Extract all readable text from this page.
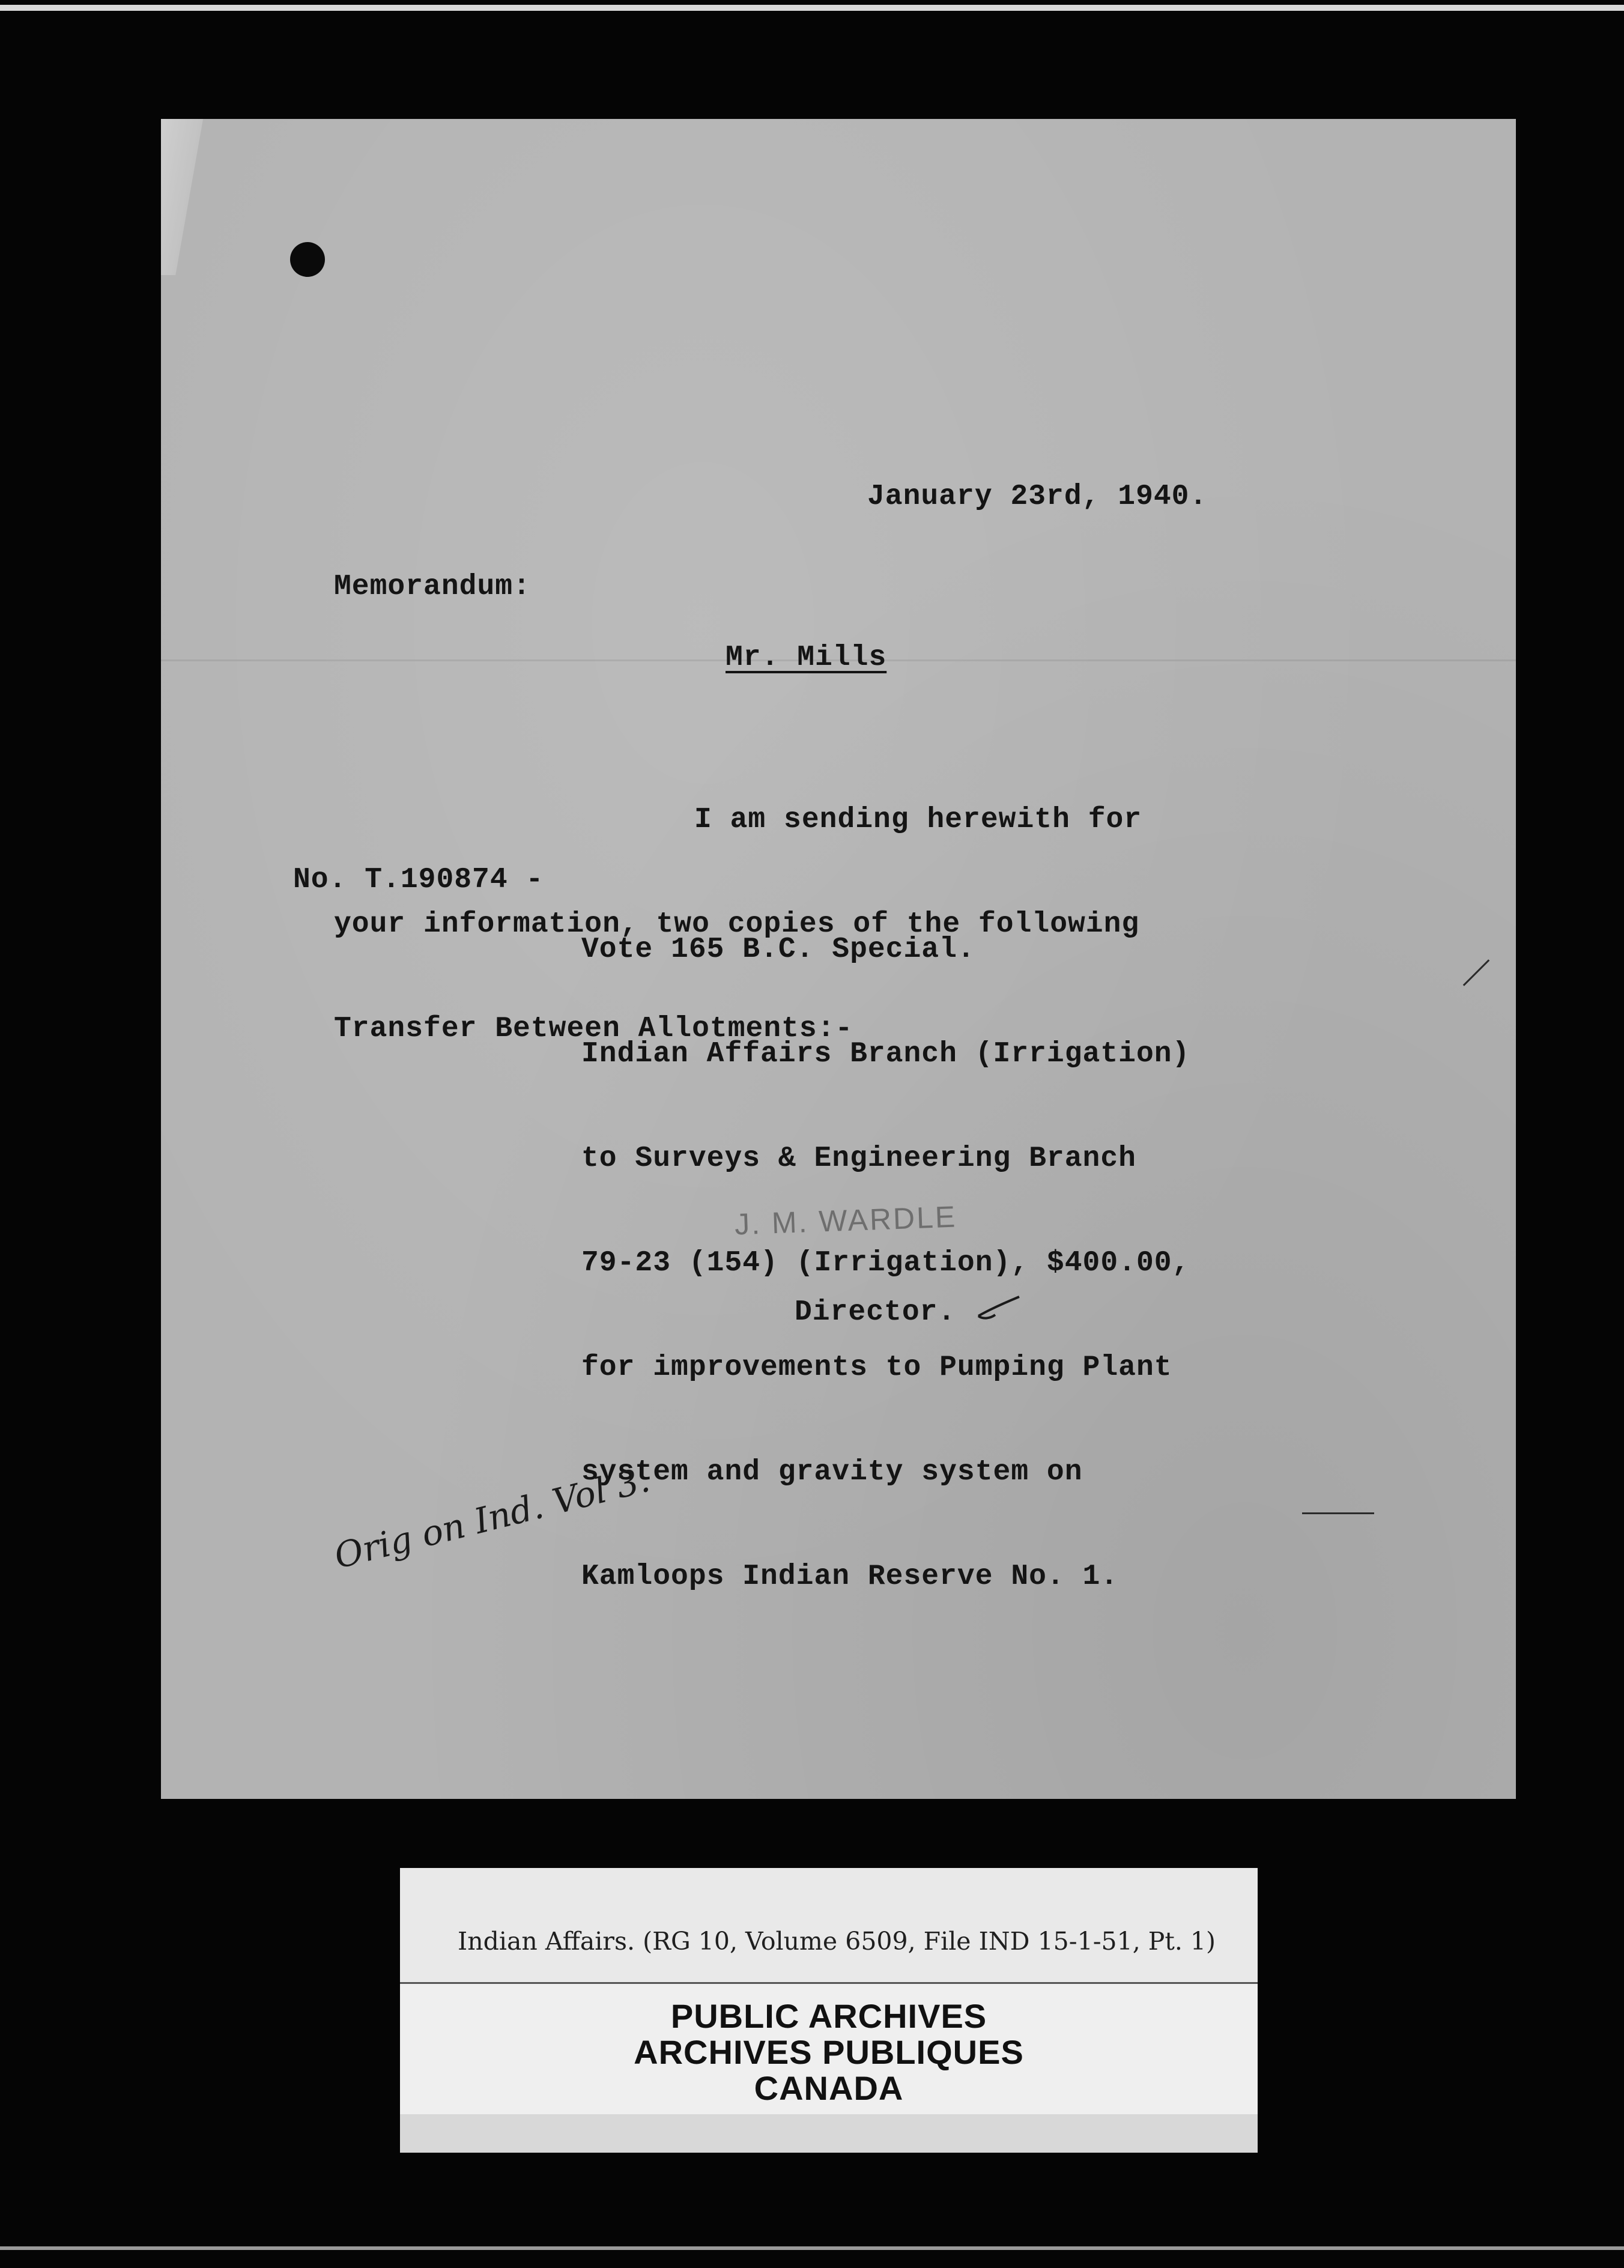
January 23rd, 1940.
Memorandum:
Mr. Mills

I am sending herewith for

your information, two copies of the following

Transfer Between Allotments:-

No. T.190874 -

Vote 165 B.C. Special.

Indian Affairs Branch (Irrigation)

to Surveys & Engineering Branch

79-23 (154) (Irrigation), $400.00,

for improvements to Pumping Plant

system and gravity system on

Kamloops Indian Reserve No. 1.

J. M. WARDLE
Director.
Orig on Ind. Vol 3.
Indian Affairs. (RG 10, Volume 6509, File IND 15-1-51, Pt. 1)
PUBLIC ARCHIVES
ARCHIVES PUBLIQUES
CANADA
